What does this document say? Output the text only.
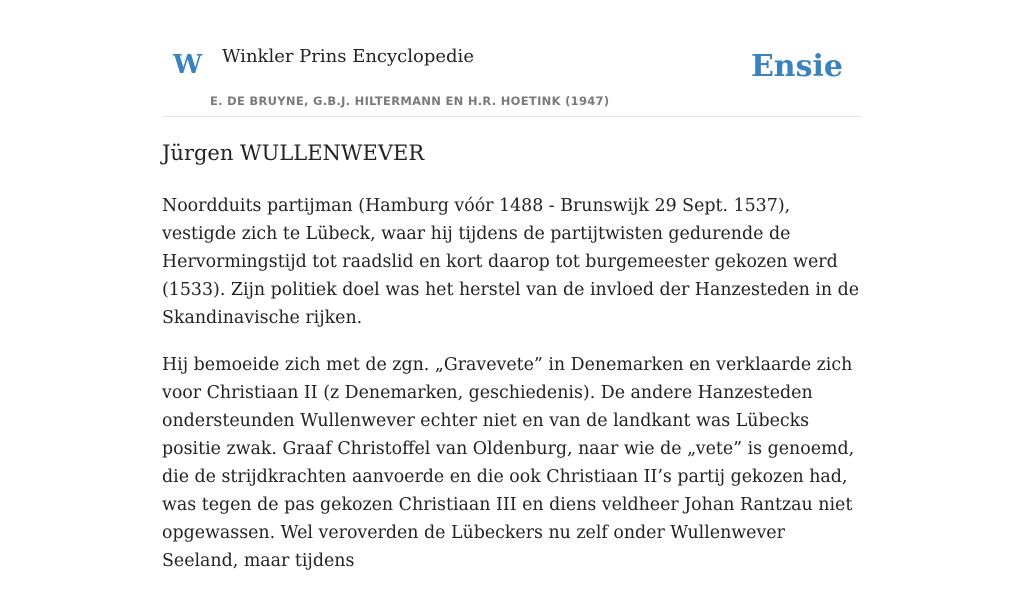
W Winkler Prins Encyclopedie
E. DE BRUYNE, G.B.J. HILTERMANN EN H.R. HOETINK (1947)
Ensie
Jürgen WULLENWEVER

Noordduits partijman (Hamburg vóór 1488 - Brunswijk 29 Sept. 1537), vestigde zich te Lübeck, waar hij tijdens de partijtwisten gedurende de Hervormingstijd tot raadslid en kort daarop tot burgemeester gekozen werd (1533). Zijn politiek doel was het herstel van de invloed der Hanzesteden in de Skandinavische rijken.

Hij bemoeide zich met de zgn. „Gravevete” in Denemarken en verklaarde zich voor Christiaan II (z Denemarken, geschiedenis). De andere Hanzesteden ondersteunden Wullenwever echter niet en van de landkant was Lübecks positie zwak. Graaf Christoffel van Oldenburg, naar wie de „vete” is genoemd, die de strijdkrachten aanvoerde en die ook Christiaan II’s partij gekozen had, was tegen de pas gekozen Christiaan III en diens veldheer Johan Rantzau niet opgewassen. Wel veroverden de Lübeckers nu zelf onder Wullenwever Seeland, maar tijdens
